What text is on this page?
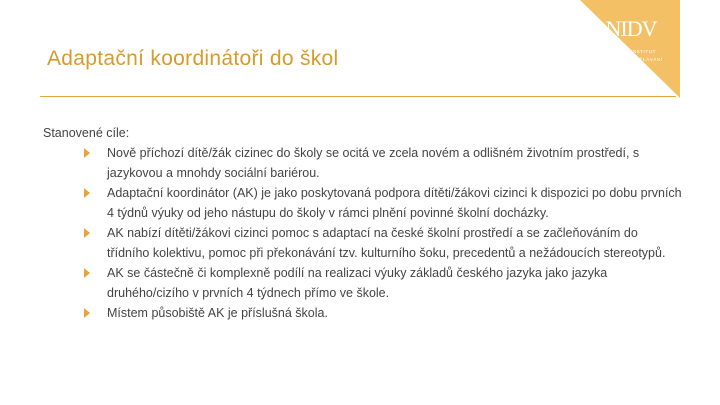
Adaptační koordinátoři do škol
NIDV
NÁRODNÍ INSTITUT
PRO DALŠÍ VZDĚLÁVÁNÍ
Stanovené cíle:
Nově příchozí dítě/žák cizinec do školy se ocitá ve zcela novém a odlišném životním prostředí, s jazykovou a mnohdy sociální bariérou.
Adaptační koordinátor (AK) je jako poskytovaná podpora dítěti/žákovi cizinci k dispozici po dobu prvních 4 týdnů výuky od jeho nástupu do školy v rámci plnění povinné školní docházky.
AK nabízí dítěti/žákovi cizinci pomoc s adaptací na české školní prostředí a se začleňováním do třídního kolektivu, pomoc při překonávání tzv. kulturního šoku, precedentů a nežádoucích stereotypů.
AK se částečně či komplexně podílí na realizaci výuky základů českého jazyka jako jazyka druhého/cizího v prvních 4 týdnech přímo ve škole.
Místem působiště AK je příslušná škola.
